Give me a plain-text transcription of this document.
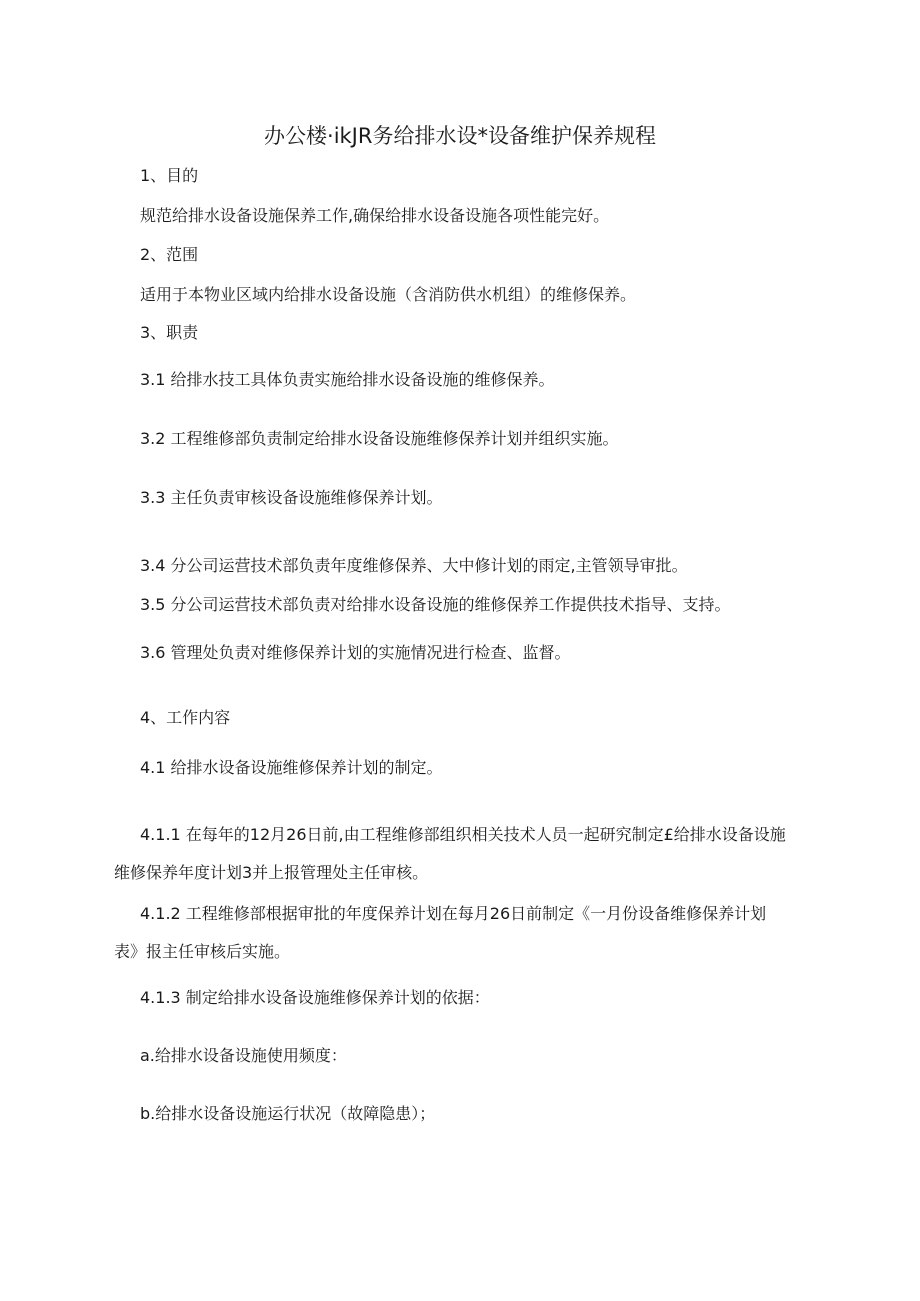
办公楼·ikJR务给排水设*设备维护保养规程
1、目的
规范给排水设备设施保养工作,确保给排水设备设施各项性能完好。
2、范围
适用于本物业区域内给排水设备设施（含消防供水机组）的维修保养。
3、职责
3.1 给排水技工具体负责实施给排水设备设施的维修保养。
3.2 工程维修部负责制定给排水设备设施维修保养计划并组织实施。
3.3 主任负责审核设备设施维修保养计划。
3.4 分公司运营技术部负责年度维修保养、大中修计划的雨定,主管领导审批。
3.5 分公司运营技术部负责对给排水设备设施的维修保养工作提供技术指导、支持。
3.6 管理处负责对维修保养计划的实施情况进行检查、监督。
4、工作内容
4.1 给排水设备设施维修保养计划的制定。
4.1.1 在每年的12月26日前,由工程维修部组织相关技术人员一起研究制定£给排水设备设施
维修保养年度计划3并上报管理处主任审核。
4.1.2 工程维修部根据审批的年度保养计划在每月26日前制定《一月份设备维修保养计划
表》报主任审核后实施。
4.1.3 制定给排水设备设施维修保养计划的依据：
a.给排水设备设施使用频度：
b.给排水设备设施运行状况（故障隐患）；
